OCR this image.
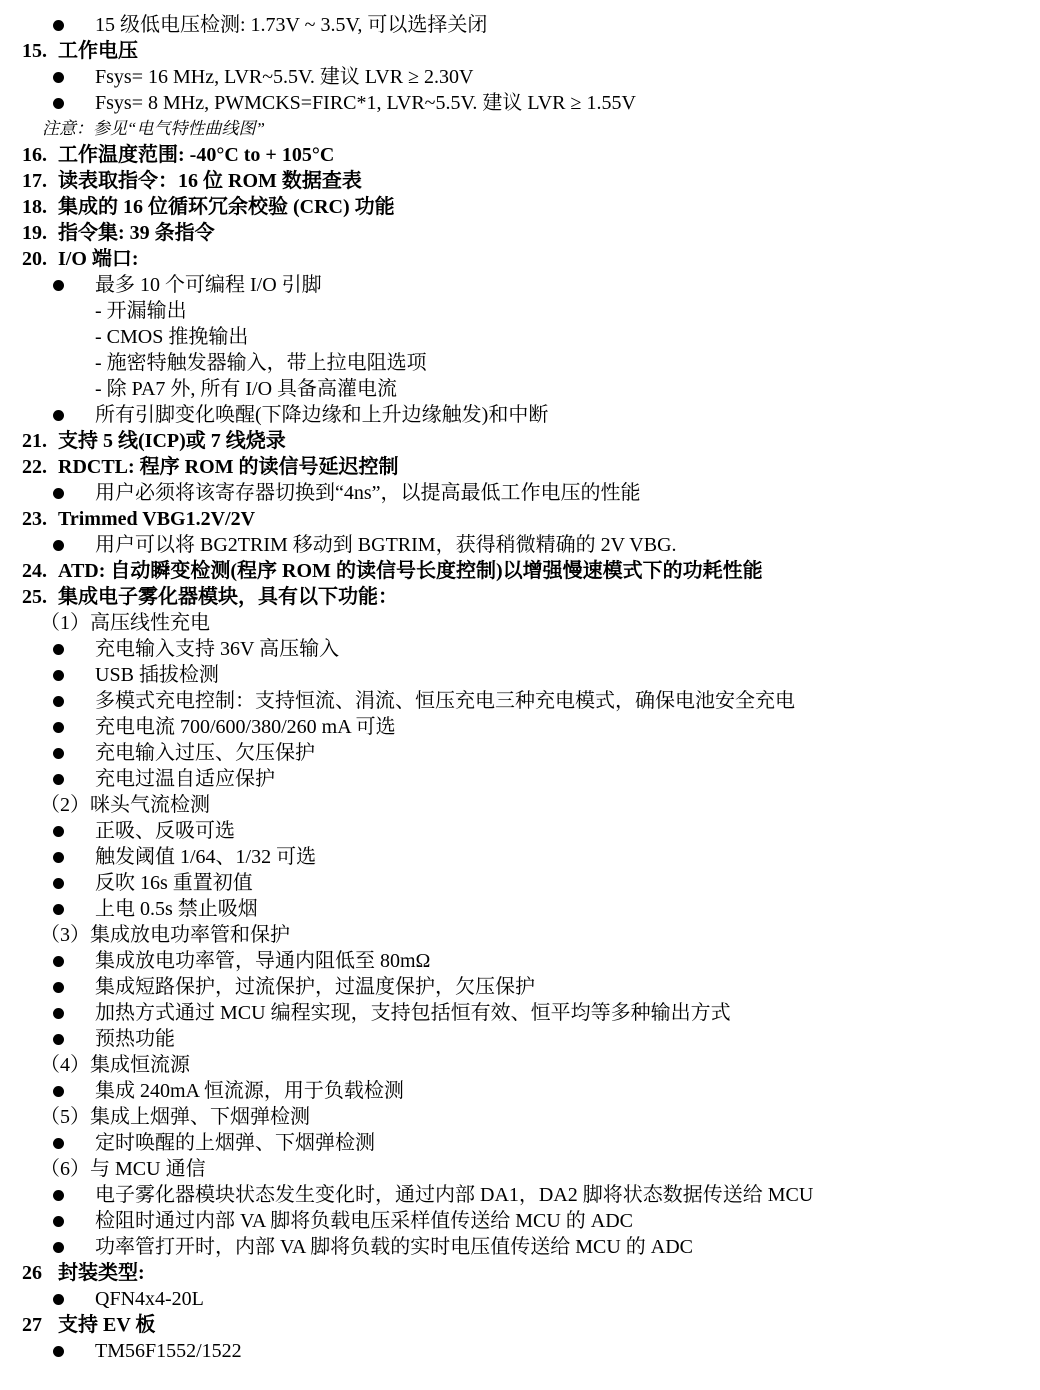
15 级低电压检测: 1.73V ~ 3.5V, 可以选择关闭
15. 工作电压
Fsys= 16 MHz, LVR~5.5V. 建议 LVR ≥ 2.30V
Fsys= 8 MHz, PWMCKS=FIRC*1, LVR~5.5V. 建议 LVR ≥ 1.55V
注意：参见“电气特性曲线图”
16. 工作温度范围: -40°C to + 105°C
17. 读表取指令：16 位 ROM 数据查表
18. 集成的 16 位循环冗余校验 (CRC) 功能
19. 指令集: 39 条指令
20. I/O 端口:
最多 10 个可编程 I/O 引脚
- 开漏输出
- CMOS 推挽输出
- 施密特触发器输入，带上拉电阻选项
- 除 PA7 外, 所有 I/O 具备高灌电流
所有引脚变化唤醒(下降边缘和上升边缘触发)和中断
21. 支持 5 线(ICP)或 7 线烧录
22. RDCTL: 程序 ROM 的读信号延迟控制
用户必须将该寄存器切换到“4ns”，以提高最低工作电压的性能
23. Trimmed VBG1.2V/2V
用户可以将 BG2TRIM 移动到 BGTRIM，获得稍微精确的 2V VBG.
24. ATD: 自动瞬变检测(程序 ROM 的读信号长度控制)以增强慢速模式下的功耗性能
25. 集成电子雾化器模块，具有以下功能：
（1）高压线性充电
充电输入支持 36V 高压输入
USB 插拔检测
多模式充电控制：支持恒流、涓流、恒压充电三种充电模式，确保电池安全充电
充电电流 700/600/380/260 mA 可选
充电输入过压、欠压保护
充电过温自适应保护
（2）咪头气流检测
正吸、反吸可选
触发阈值 1/64、1/32 可选
反吹 16s 重置初值
上电 0.5s 禁止吸烟
（3）集成放电功率管和保护
集成放电功率管，导通内阻低至 80mΩ
集成短路保护，过流保护，过温度保护，欠压保护
加热方式通过 MCU 编程实现，支持包括恒有效、恒平均等多种输出方式
预热功能
（4）集成恒流源
集成 240mA 恒流源，用于负载检测
（5）集成上烟弹、下烟弹检测
定时唤醒的上烟弹、下烟弹检测
（6）与 MCU 通信
电子雾化器模块状态发生变化时，通过内部 DA1，DA2 脚将状态数据传送给 MCU
检阻时通过内部 VA 脚将负载电压采样值传送给 MCU 的 ADC
功率管打开时，内部 VA 脚将负载的实时电压值传送给 MCU 的 ADC
26 封装类型:
QFN4x4-20L
27 支持 EV 板
TM56F1552/1522
